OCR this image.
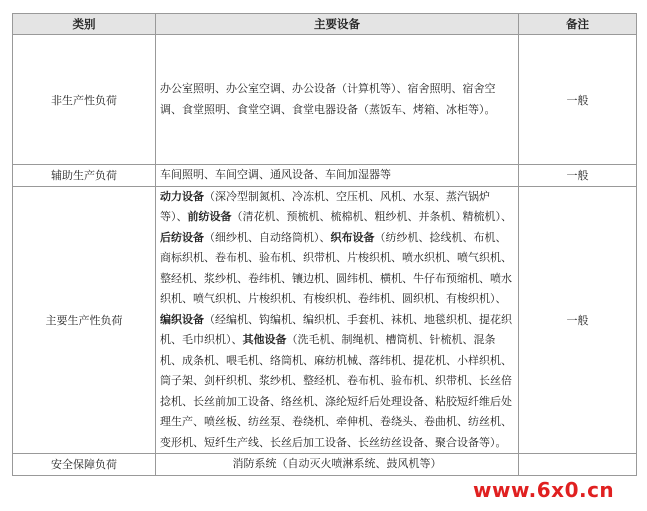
类别	主要设备	备注
非生产性负荷	办公室照明、办公室空调、办公设备（计算机等）、宿舍照明、宿舍空调、食堂照明、食堂空调、食堂电器设备（蒸饭车、烤箱、冰柜等）。	一般
辅助生产负荷	车间照明、车间空调、通风设备、车间加湿器等	一般
主要生产性负荷	动力设备（深冷型制氮机、冷冻机、空压机、风机、水泵、蒸汽锅炉等）、前纺设备（清花机、预梳机、梳棉机、粗纱机、并条机、精梳机）、后纺设备（细纱机、自动络筒机）、织布设备（纺纱机、捻线机、布机、商标织机、卷布机、验布机、织带机、片梭织机、喷水织机、喷气织机、整经机、浆纱机、卷纬机、镶边机、圆纬机、横机、牛仔布预缩机、喷水织机、喷气织机、片梭织机、有梭织机、卷纬机、圆织机、有梭织机）、编织设备（经编机、钩编机、编织机、手套机、袜机、地毯织机、提花织机、毛巾织机）、其他设备（洗毛机、制绳机、槽筒机、针梳机、混条机、成条机、喂毛机、络筒机、麻纺机械、落纬机、提花机、小样织机、筒子架、剑杆织机、浆纱机、整经机、卷布机、验布机、织带机、长丝倍捻机、长丝前加工设备、络丝机、涤纶短纤后处理设备、粘胶短纤维后处理生产、喷丝板、纺丝泵、卷绕机、牵伸机、卷绕头、卷曲机、纺丝机、变形机、短纤生产线、长丝后加工设备、长丝纺丝设备、聚合设备等）。	一般
安全保障负荷	消防系统（自动灭火喷淋系统、鼓风机等）	
www.6x0.cn
